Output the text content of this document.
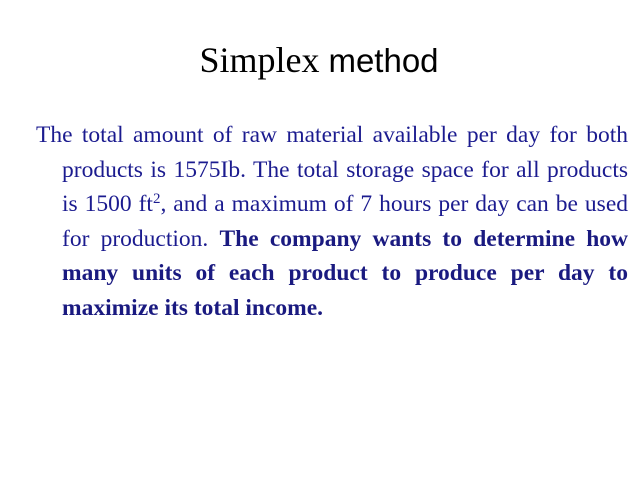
Simplex method

The total amount of raw material available per day for both products is 1575Ib. The total storage space for all products is 1500 $ft^2$, and a maximum of 7 hours per day can be used for production. The company wants to determine how many units of each product to produce per day to maximize its total income.
